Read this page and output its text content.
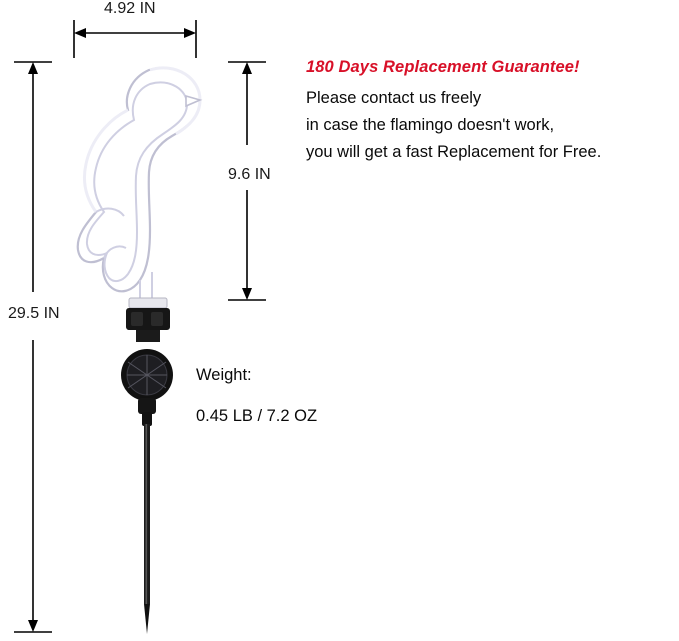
4.92 IN
9.6 IN
29.5 IN

180 Days Replacement Guarantee!

Please contact us freely

in case the flamingo doesn't work,

you will get a fast Replacement for Free.

Weight:

0.45 LB / 7.2 OZ
